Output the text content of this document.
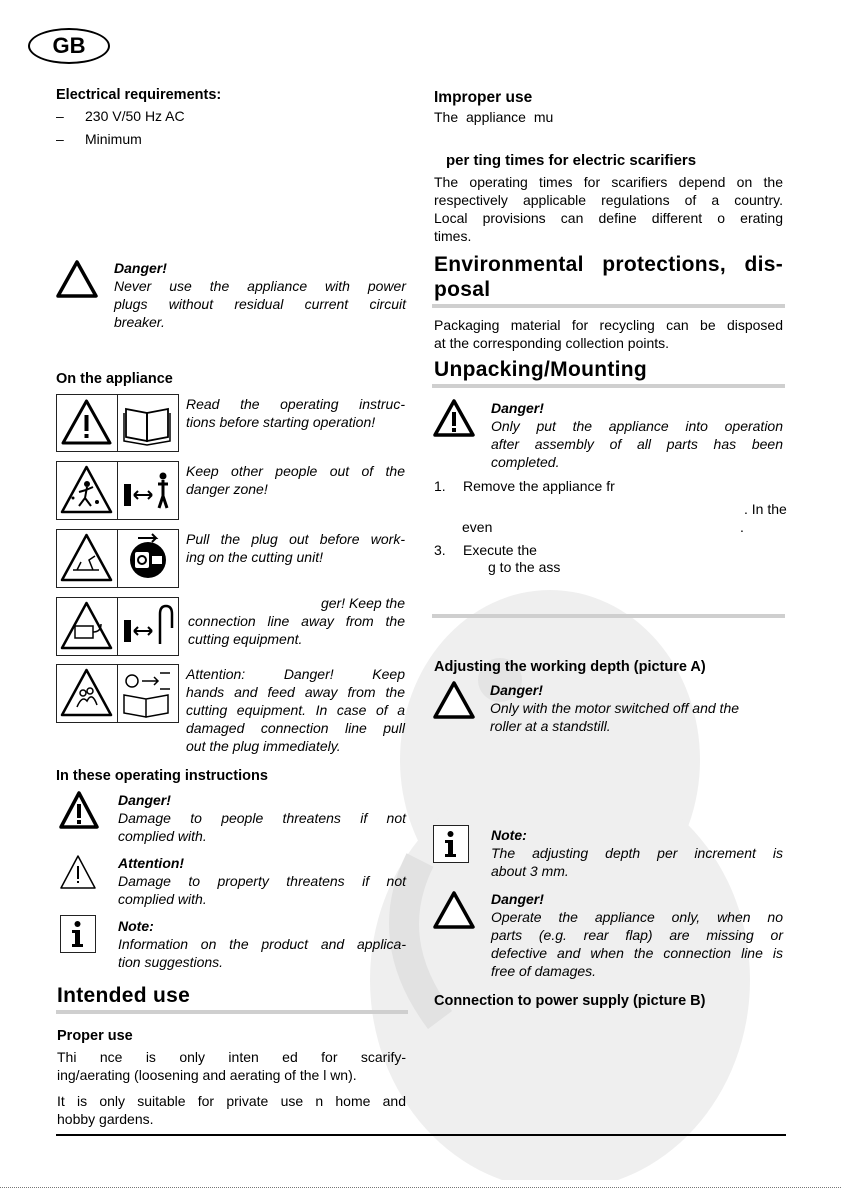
GB
Electrical requirements:
– 230 V/50 Hz AC
– Minimum
Danger!
Never use the appliance with power
plugs without residual current circuit
breaker.
On the appliance
Read the operating instruc-
tions before starting operation!
Keep other people out of the
danger zone!
Pull the plug out before work-
ing on the cutting unit!
ger! Keep the
connection line away from the
cutting equipment.
Attention: Danger! Keep
hands and feed away from the
cutting equipment. In case of a
damaged connection line pull
out the plug immediately.
In these operating instructions
Danger!
Damage to people threatens if not
complied with.
Attention!
Damage to property threatens if not
complied with.
Note:
Information on the product and applica-
tion suggestions.
Intended use
Proper use
Thi nce is only inten ed for scarify-
ing/aerating (loosening and aerating of the l wn).
It is only suitable for private use n home and
hobby gardens.
Improper use
The appliance mu
per ting times for electric scarifiers
The operating times for scarifiers depend on the
respectively applicable regulations of a country.
Local provisions can define different o erating
times.
Environmental protections, dis-
posal
Packaging material for recycling can be disposed
at the corresponding collection points.
Unpacking/Mounting
Danger!
Only put the appliance into operation
after assembly of all parts has been
completed.
1. Remove the appliance fr
. In the
even	.
3. Execute the
g to the ass
Adjusting the working depth (picture A)
Danger!
Only with the motor switched off and the
roller at a standstill.
Note:
The adjusting depth per increment is
about 3 mm.
Danger!
Operate the appliance only, when no
parts (e.g. rear flap) are missing or
defective and when the connection line is
free of damages.
Connection to power supply (picture B)
